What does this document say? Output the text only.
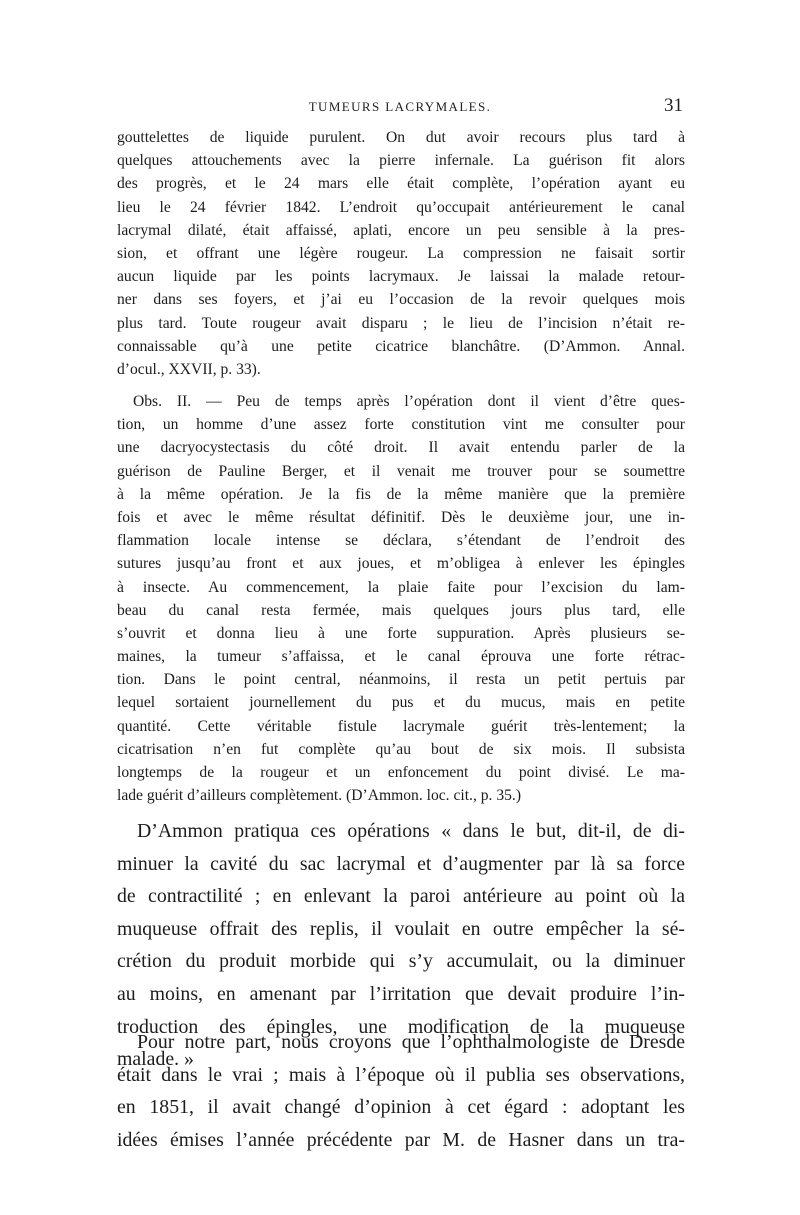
TUMEURS LACRYMALES.	31
gouttelettes de liquide purulent. On dut avoir recours plus tard à
quelques attouchements avec la pierre infernale. La guérison fit alors
des progrès, et le 24 mars elle était complète, l’opération ayant eu
lieu le 24 février 1842. L’endroit qu’occupait antérieurement le canal
lacrymal dilaté, était affaissé, aplati, encore un peu sensible à la pres-
sion, et offrant une légère rougeur. La compression ne faisait sortir
aucun liquide par les points lacrymaux. Je laissai la malade retour-
ner dans ses foyers, et j’ai eu l’occasion de la revoir quelques mois
plus tard. Toute rougeur avait disparu ; le lieu de l’incision n’était re-
connaissable qu’à une petite cicatrice blanchâtre. (D’Ammon. Annal.
d’ocul., XXVII, p. 33).
Obs. II. — Peu de temps après l’opération dont il vient d’être ques-
tion, un homme d’une assez forte constitution vint me consulter pour
une dacryocystectasis du côté droit. Il avait entendu parler de la
guérison de Pauline Berger, et il venait me trouver pour se soumettre
à la même opération. Je la fis de la même manière que la première
fois et avec le même résultat définitif. Dès le deuxième jour, une in-
flammation locale intense se déclara, s’étendant de l’endroit des
sutures jusqu’au front et aux joues, et m’obligea à enlever les épingles
à insecte. Au commencement, la plaie faite pour l’excision du lam-
beau du canal resta fermée, mais quelques jours plus tard, elle
s’ouvrit et donna lieu à une forte suppuration. Après plusieurs se-
maines, la tumeur s’affaissa, et le canal éprouva une forte rétrac-
tion. Dans le point central, néanmoins, il resta un petit pertuis par
lequel sortaient journellement du pus et du mucus, mais en petite
quantité. Cette véritable fistule lacrymale guérit très-lentement; la
cicatrisation n’en fut complète qu’au bout de six mois. Il subsista
longtemps de la rougeur et un enfoncement du point divisé. Le ma-
lade guérit d’ailleurs complètement. (D’Ammon. loc. cit., p. 35.)
D’Ammon pratiqua ces opérations « dans le but, dit-il, de di-
minuer la cavité du sac lacrymal et d’augmenter par là sa force
de contractilité ; en enlevant la paroi antérieure au point où la
muqueuse offrait des replis, il voulait en outre empêcher la sé-
crétion du produit morbide qui s’y accumulait, ou la diminuer
au moins, en amenant par l’irritation que devait produire l’in-
troduction des épingles, une modification de la muqueuse
malade. »
Pour notre part, nous croyons que l’ophthalmologiste de Dresde
était dans le vrai ; mais à l’époque où il publia ses observations,
en 1851, il avait changé d’opinion à cet égard : adoptant les
idées émises l’année précédente par M. de Hasner dans un tra-
